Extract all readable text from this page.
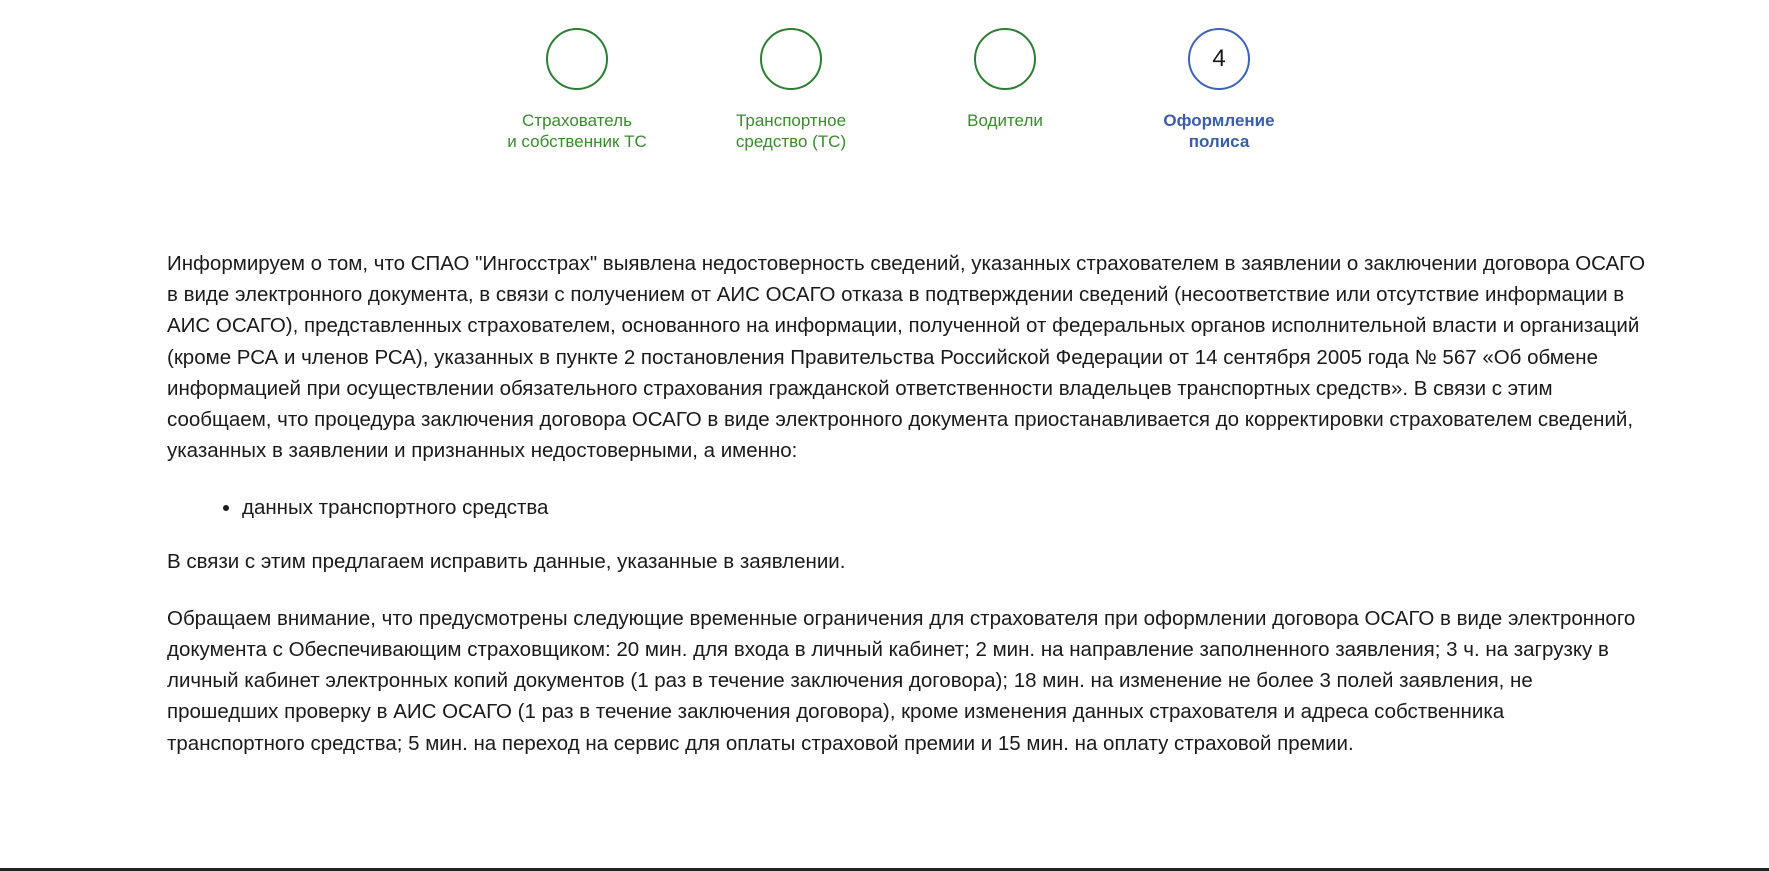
Страхователь
и собственник ТС
Транспортное
средство (ТС)
Водители
4
Оформление
полиса

Информируем о том, что СПАО "Ингосстрах" выявлена недостоверность сведений, указанных страхователем в заявлении о заключении договора ОСАГО в виде электронного документа, в связи с получением от АИС ОСАГО отказа в подтверждении сведений (несоответствие или отсутствие информации в АИС ОСАГО), представленных страхователем, основанного на информации, полученной от федеральных органов исполнительной власти и организаций (кроме РСА и членов РСА), указанных в пункте 2 постановления Правительства Российской Федерации от 14 сентября 2005 года № 567 «Об обмене информацией при осуществлении обязательного страхования гражданской ответственности владельцев транспортных средств». В связи с этим сообщаем, что процедура заключения договора ОСАГО в виде электронного документа приостанавливается до корректировки страхователем сведений, указанных в заявлении и признанных недостоверными, а именно:

• данных транспортного средства

В связи с этим предлагаем исправить данные, указанные в заявлении.

Обращаем внимание, что предусмотрены следующие временные ограничения для страхователя при оформлении договора ОСАГО в виде электронного документа с Обеспечивающим страховщиком: 20 мин. для входа в личный кабинет; 2 мин. на направление заполненного заявления; 3 ч. на загрузку в личный кабинет электронных копий документов (1 раз в течение заключения договора); 18 мин. на изменение не более 3 полей заявления, не прошедших проверку в АИС ОСАГО (1 раз в течение заключения договора), кроме изменения данных страхователя и адреса собственника транспортного средства; 5 мин. на переход на сервис для оплаты страховой премии и 15 мин. на оплату страховой премии.
